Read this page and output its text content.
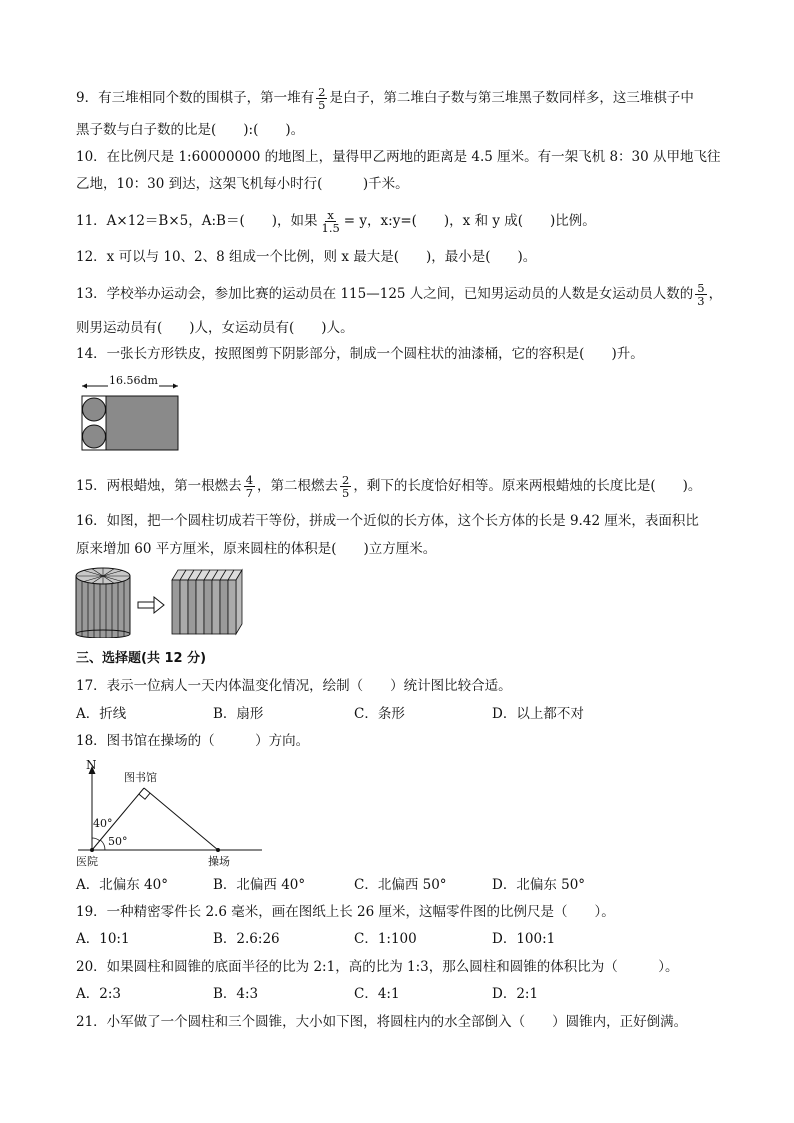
9．有三堆相同个数的围棋子，第一堆有 $\frac{2}{5}$ 是白子，第二堆白子数与第三堆黑子数同样多，这三堆棋子中
黑子数与白子数的比是(　　):(　　)。
10．在比例尺是 1:60000000 的地图上，量得甲乙两地的距离是 4.5 厘米。有一架飞机 8：30 从甲地飞往
乙地，10：30 到达，这架飞机每小时行(　　　)千米。
11．A×12＝B×5，A:B＝(　　)，如果 $\frac{x}{1.5} = y$，x:y=(　　)，x 和 y 成(　　)比例。
12．x 可以与 10、2、8 组成一个比例，则 x 最大是(　　)，最小是(　　)。
13．学校举办运动会，参加比赛的运动员在 115—125 人之间，已知男运动员的人数是女运动员人数的 $\frac{5}{3}$ ，
则男运动员有(　　)人，女运动员有(　　)人。
14．一张长方形铁皮，按照图剪下阴影部分，制成一个圆柱状的油漆桶，它的容积是(　　)升。
16.56dm
15．两根蜡烛，第一根燃去 $\frac{4}{7}$ ，第二根燃去 $\frac{2}{5}$ ，剩下的长度恰好相等。原来两根蜡烛的长度比是(　　)。
16．如图，把一个圆柱切成若干等份，拼成一个近似的长方体，这个长方体的长是 9.42 厘米，表面积比
原来增加 60 平方厘米，原来圆柱的体积是(　　)立方厘米。
三、选择题(共 12 分)
17．表示一位病人一天内体温变化情况，绘制（　　）统计图比较合适。
A．折线	B．扇形	C．条形	D．以上都不对
18．图书馆在操场的（　　　）方向。
N
图书馆
40°
50°
医院	操场
A．北偏东 40°	B．北偏西 40°	C．北偏西 50°	D．北偏东 50°
19．一种精密零件长 2.6 毫米，画在图纸上长 26 厘米，这幅零件图的比例尺是（　　）。
A．10:1	B．2.6:26	C．1:100	D．100:1
20．如果圆柱和圆锥的底面半径的比为 2:1，高的比为 1:3，那么圆柱和圆锥的体积比为（　　　）。
A．2:3	B．4:3	C．4:1	D．2:1
21．小军做了一个圆柱和三个圆锥，大小如下图，将圆柱内的水全部倒入（　　）圆锥内，正好倒满。
